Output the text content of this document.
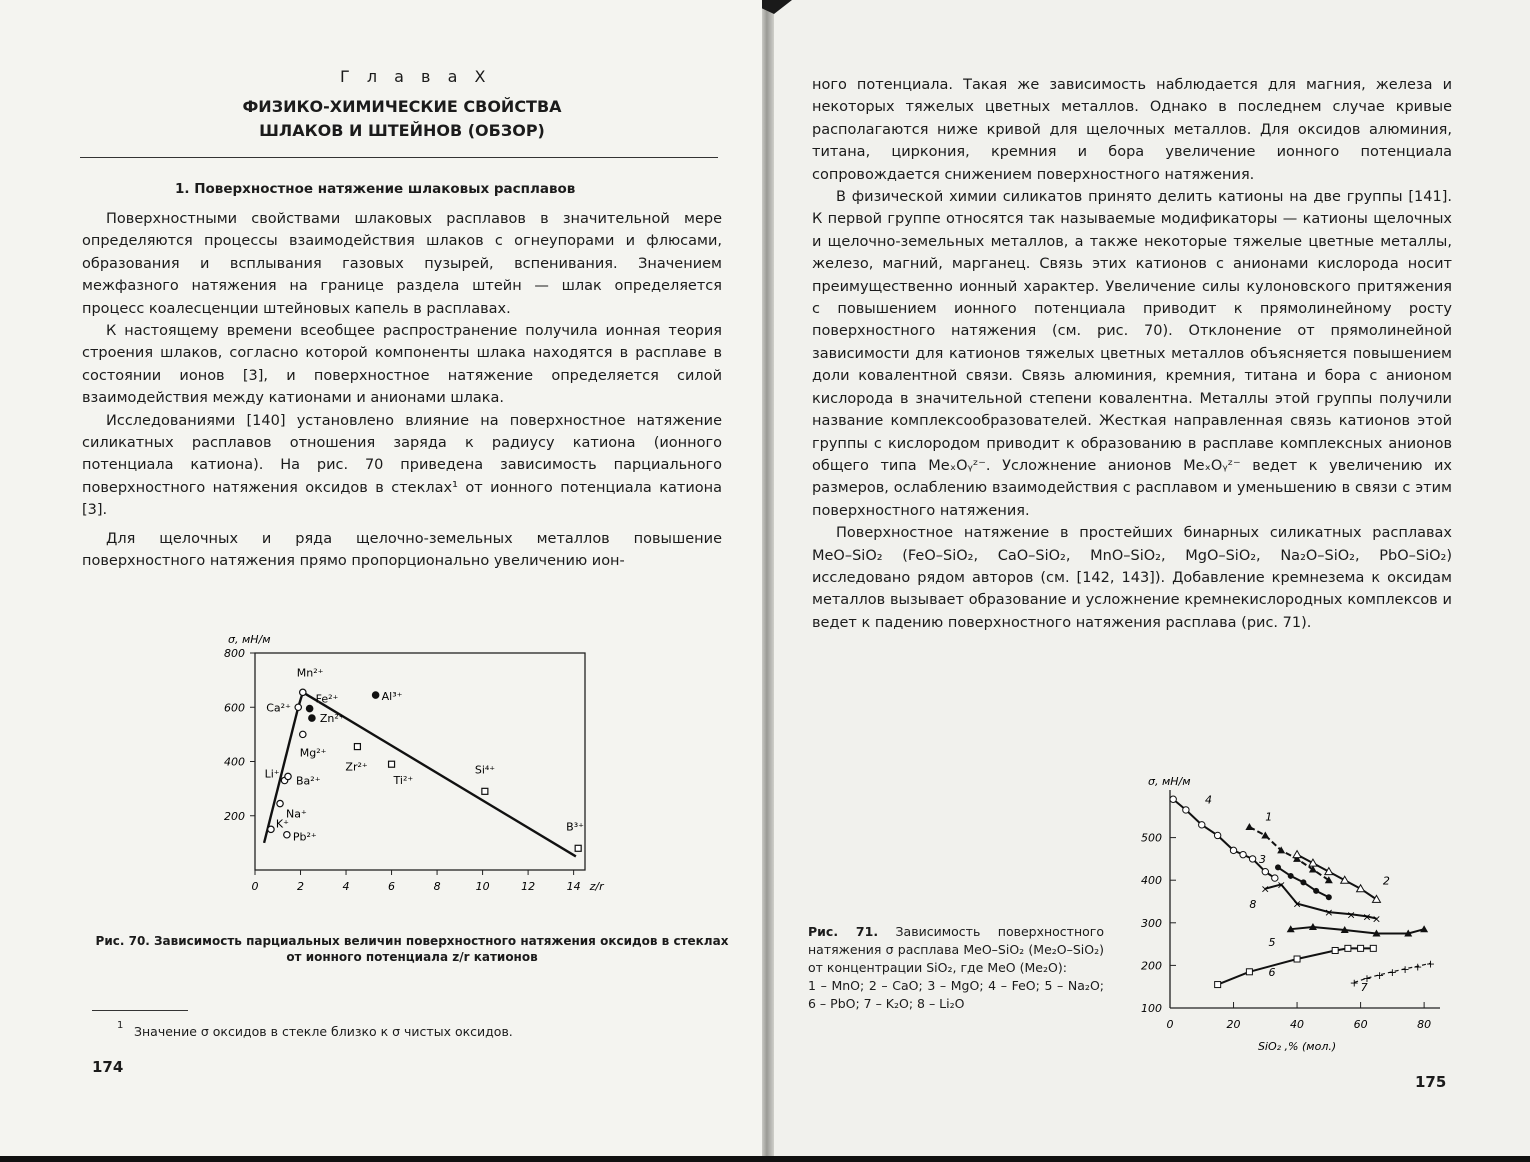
Г л а в а X
ФИЗИКО-ХИМИЧЕСКИЕ СВОЙСТВА
ШЛАКОВ И ШТЕЙНОВ (ОБЗОР)
1. Поверхностное натяжение шлаковых расплавов

Поверхностными свойствами шлаковых расплавов в значительной мере определяются процессы взаимодействия шлаков с огнеупорами и флюсами, образования и всплывания газовых пузырей, вспенивания. Значением межфазного натяжения на границе раздела штейн — шлак определяется процесс коалесценции штейновых капель в расплавах.

К настоящему времени всеобщее распространение получила ионная теория строения шлаков, согласно которой компоненты шлака находятся в расплаве в состоянии ионов [3], и поверхностное натяжение определяется силой взаимодействия между катионами и анионами шлака.

Исследованиями [140] установлено влияние на поверхностное натяжение силикатных расплавов отношения заряда к радиусу катиона (ионного потенциала катиона). На рис. 70 приведена зависимость парциального поверхностного натяжения оксидов в стеклах¹ от ионного потенциала катиона [3].

Для щелочных и ряда щелочно-земельных металлов повышение поверхностного натяжения прямо пропорционально увеличению ион-

σ, мН/м
200
400
600
800
0	2	4	6	8	10	12	14 z/r
Li⁺
Na⁺
K⁺
Pb²⁺
Ba²⁺
Ca²⁺
Mn²⁺
Mg²⁺
Fe²⁺
Zn²⁺
Al³⁺
Zr²⁺
Ti²⁺
Si⁴⁺
B³⁺
Рис. 70. Зависимость парциальных величин поверхностного натяжения оксидов в стеклах от ионного потенциала z/r катионов
1 Значение σ оксидов в стекле близко к σ чистых оксидов.
174

ного потенциала. Такая же зависимость наблюдается для магния, железа и некоторых тяжелых цветных металлов. Однако в последнем случае кривые располагаются ниже кривой для щелочных металлов. Для оксидов алюминия, титана, циркония, кремния и бора увеличение ионного потенциала сопровождается снижением поверхностного натяжения.

В физической химии силикатов принято делить катионы на две группы [141]. К первой группе относятся так называемые модификаторы — катионы щелочных и щелочно-земельных металлов, а также некоторые тяжелые цветные металлы, железо, магний, марганец. Связь этих катионов с анионами кислорода носит преимущественно ионный характер. Увеличение силы кулоновского притяжения с повышением ионного потенциала приводит к прямолинейному росту поверхностного натяжения (см. рис. 70). Отклонение от прямолинейной зависимости для катионов тяжелых цветных металлов объясняется повышением доли ковалентной связи. Связь алюминия, кремния, титана и бора с анионом кислорода в значительной степени ковалентна. Металлы этой группы получили название комплексообразователей. Жесткая направленная связь катионов этой группы с кислородом приводит к образованию в расплаве комплексных анионов общего типа MeₓOᵧᶻ⁻. Усложнение анионов MeₓOᵧᶻ⁻ ведет к увеличению их размеров, ослаблению взаимодействия с расплавом и уменьшению в связи с этим поверхностного натяжения.

Поверхностное натяжение в простейших бинарных силикатных расплавах MeO–SiO₂ (FeO–SiO₂, CaO–SiO₂, MnO–SiO₂, MgO–SiO₂, Na₂O–SiO₂, PbO–SiO₂) исследовано рядом авторов (см. [142, 143]). Добавление кремнезема к оксидам металлов вызывает образование и усложнение кремнекислородных комплексов и ведет к падению поверхностного натяжения расплава (рис. 71).

Рис. 71. Зависимость поверхностного натяжения σ расплава MeO–SiO₂ (Me₂O–SiO₂) от концентрации SiO₂, где MeO (Me₂O):
1 – MnO; 2 – CaO; 3 – MgO; 4 – FeO; 5 – Na₂O; 6 – PbO; 7 – K₂O; 8 – Li₂O
σ, мН/м
100
200
300
400
500
0	20	40	60	80
SiO₂ ,% (мол.)
1
2
3
4
5
6
+ + + + + + +
7
× ×
×
× × × ×
8
175
